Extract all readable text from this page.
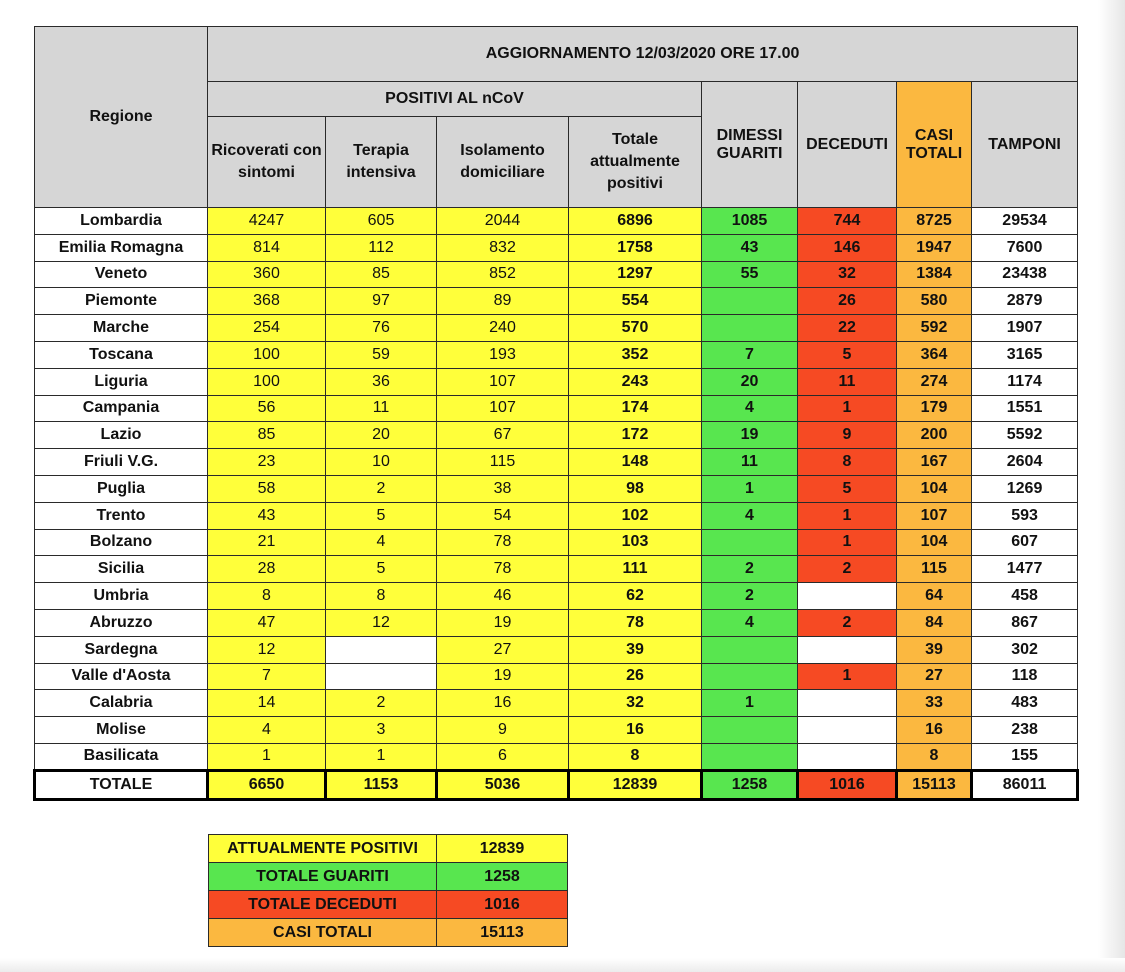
Regione	AGGIORNAMENTO 12/03/2020 ORE 17.00							
	POSITIVI AL nCoV				DIMESSI GUARITI	DECEDUTI	CASI TOTALI	TAMPONI
	Ricoverati con sintomi	Terapia intensiva	Isolamento domiciliare	Totale attualmente positivi				
Lombardia	4247	605	2044	6896	1085	744	8725	29534
Emilia Romagna	814	112	832	1758	43	146	1947	7600
Veneto	360	85	852	1297	55	32	1384	23438
Piemonte	368	97	89	554		26	580	2879
Marche	254	76	240	570		22	592	1907
Toscana	100	59	193	352	7	5	364	3165
Liguria	100	36	107	243	20	11	274	1174
Campania	56	11	107	174	4	1	179	1551
Lazio	85	20	67	172	19	9	200	5592
Friuli V.G.	23	10	115	148	11	8	167	2604
Puglia	58	2	38	98	1	5	104	1269
Trento	43	5	54	102	4	1	107	593
Bolzano	21	4	78	103		1	104	607
Sicilia	28	5	78	111	2	2	115	1477
Umbria	8	8	46	62	2		64	458
Abruzzo	47	12	19	78	4	2	84	867
Sardegna	12		27	39			39	302
Valle d'Aosta	7		19	26		1	27	118
Calabria	14	2	16	32	1		33	483
Molise	4	3	9	16			16	238
Basilicata	1	1	6	8			8	155
TOTALE	6650	1153	5036	12839	1258	1016	15113	86011
ATTUALMENTE POSITIVI	12839
TOTALE GUARITI	1258
TOTALE DECEDUTI	1016
CASI TOTALI	15113
